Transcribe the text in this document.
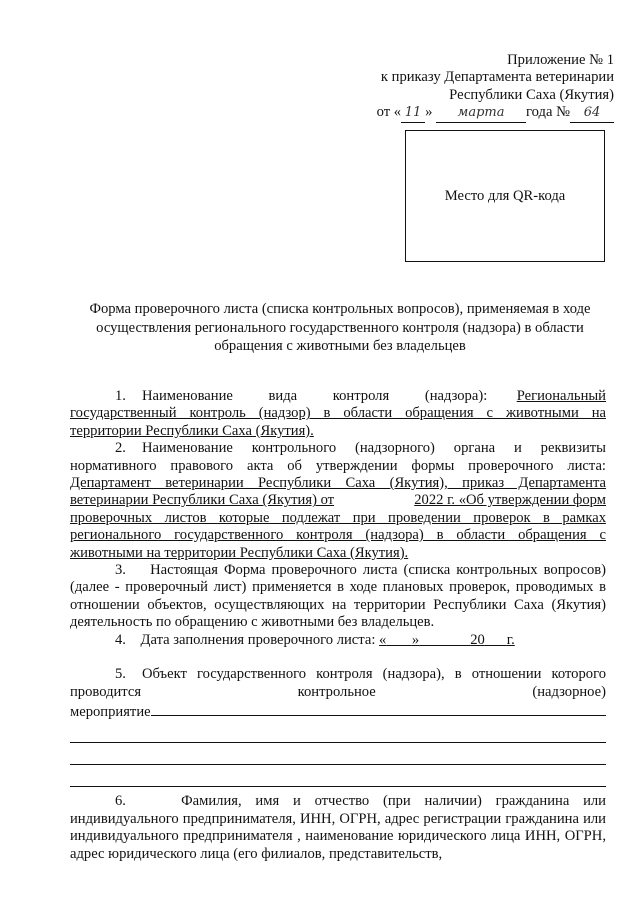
Приложение № 1
к приказу Департамента ветеринарии
Республики Саха (Якутия)
от « 11 » марта года № 64
Место для QR-кода
Форма проверочного листа (списка контрольных вопросов), применяемая в ходе
осуществления регионального государственного контроля (надзора) в области
обращения с животными без владельцев
1. Наименование вида контроля (надзора): Региональный
государственный контроль (надзор) в области обращения с животными на
территории Республики Саха (Якутия).
2. Наименование контрольного (надзорного) органа и реквизиты
нормативного правового акта об утверждении формы проверочного листа:
Департамент ветеринарии Республики Саха (Якутия), приказ Департамента
ветеринарии Республики Саха (Якутия) от	2022 г. «Об утверждении форм
проверочных листов которые подлежат при проведении проверок в рамках
регионального государственного контроля (надзора) в области обращения с
животными на территории Республики Саха (Якутия).

3. Настоящая Форма проверочного листа (списка контрольных вопросов) (далее - проверочный лист) применяется в ходе плановых проверок, проводимых в отношении объектов, осуществляющих на территории Республики Саха (Якутия) деятельность по обращению с животными без владельцев.

4. Дата заполнения проверочного листа: « »	20 г.
5. Объект государственного контроля (надзора), в отношении которого
проводится	контрольное	(надзорное)
мероприятие

6.	Фамилия, имя и отчество (при наличии) гражданина или индивидуального предпринимателя, ИНН, ОГРН, адрес регистрации гражданина или индивидуального предпринимателя , наименование юридического лица ИНН, ОГРН, адрес юридического лица (его филиалов, представительств,
